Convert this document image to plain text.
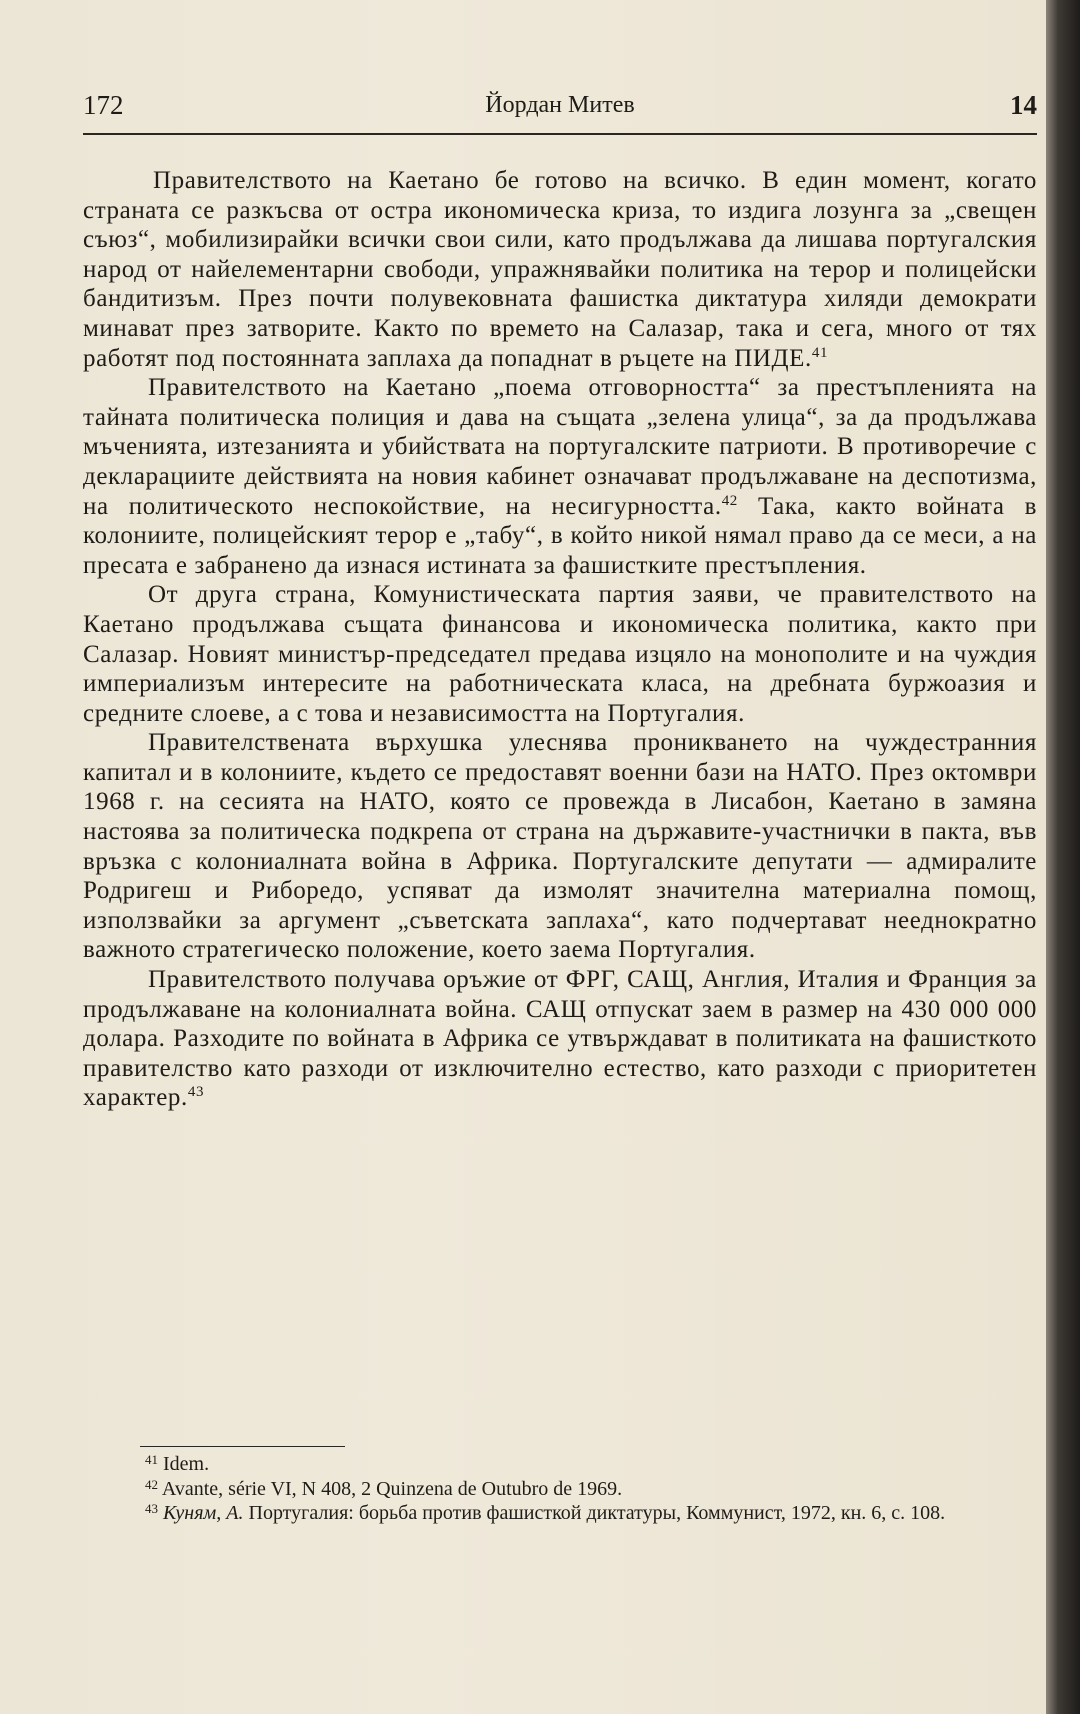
172	Йордан Митев	14

Правителството на Каетано бе готово на всичко. В един момент, когато страната се разкъсва от остра икономическа криза, то издига лозунга за „свещен съюз“, мобилизирайки всички свои сили, като продължава да лишава португалския народ от найелементарни свободи, упражнявайки политика на терор и полицейски бандитизъм. През почти полувековната фашистка диктатура хиляди демократи минават през затворите. Както по времето на Салазар, така и сега, много от тях работят под постоянната заплаха да попаднат в ръцете на ПИДЕ.$^{41}$

Правителството на Каетано „поема отговорността“ за престъпленията на тайната политическа полиция и дава на същата „зелена улица“, за да продължава мъченията, изтезанията и убийствата на португалските патриоти. В противоречие с декларациите действията на новия кабинет означават продължаване на деспотизма, на политическото неспокойствие, на несигурността.$^{42}$ Така, както войната в колониите, полицейският терор е „табу“, в който никой нямал право да се меси, а на пресата е забранено да изнася истината за фашистките престъпления.

От друга страна, Комунистическата партия заяви, че правителството на Каетано продължава същата финансова и икономическа политика, както при Салазар. Новият министър-председател предава изцяло на монополите и на чуждия империализъм интересите на работническата класа, на дребната буржоазия и средните слоеве, а с това и независимостта на Португалия.

Правителствената върхушка улеснява проникването на чуждестранния капитал и в колониите, където се предоставят военни бази на НАТО. През октомври 1968 г. на сесията на НАТО, която се провежда в Лисабон, Каетано в замяна настоява за политическа подкрепа от страна на държавите-участнички в пакта, във връзка с колониалната война в Африка. Португалските депутати — адмиралите Родригеш и Рибоpедо, успяват да измолят значителна материална помощ, използвайки за аргумент „съветската заплаха“, като подчертават нееднократно важното стратегическо положение, което заема Португалия.

Правителството получава оръжие от ФРГ, САЩ, Англия, Италия и Франция за продължаване на колониалната война. САЩ отпускат заем в размер на 430 000 000 долара. Разходите по войната в Африка се утвърждават в политиката на фашисткото правителство като разходи от изключително естество, като разходи с приоритетен характер.$^{43}$

$^{41}$ Idem.

$^{42}$ Avante, série VI, N 408, 2 Quinzena de Outubro de 1969.

$^{43}$ Куням, А. Португалия: борьба против фашисткой диктатуры, Коммунист, 1972, кн. 6, с. 108.
